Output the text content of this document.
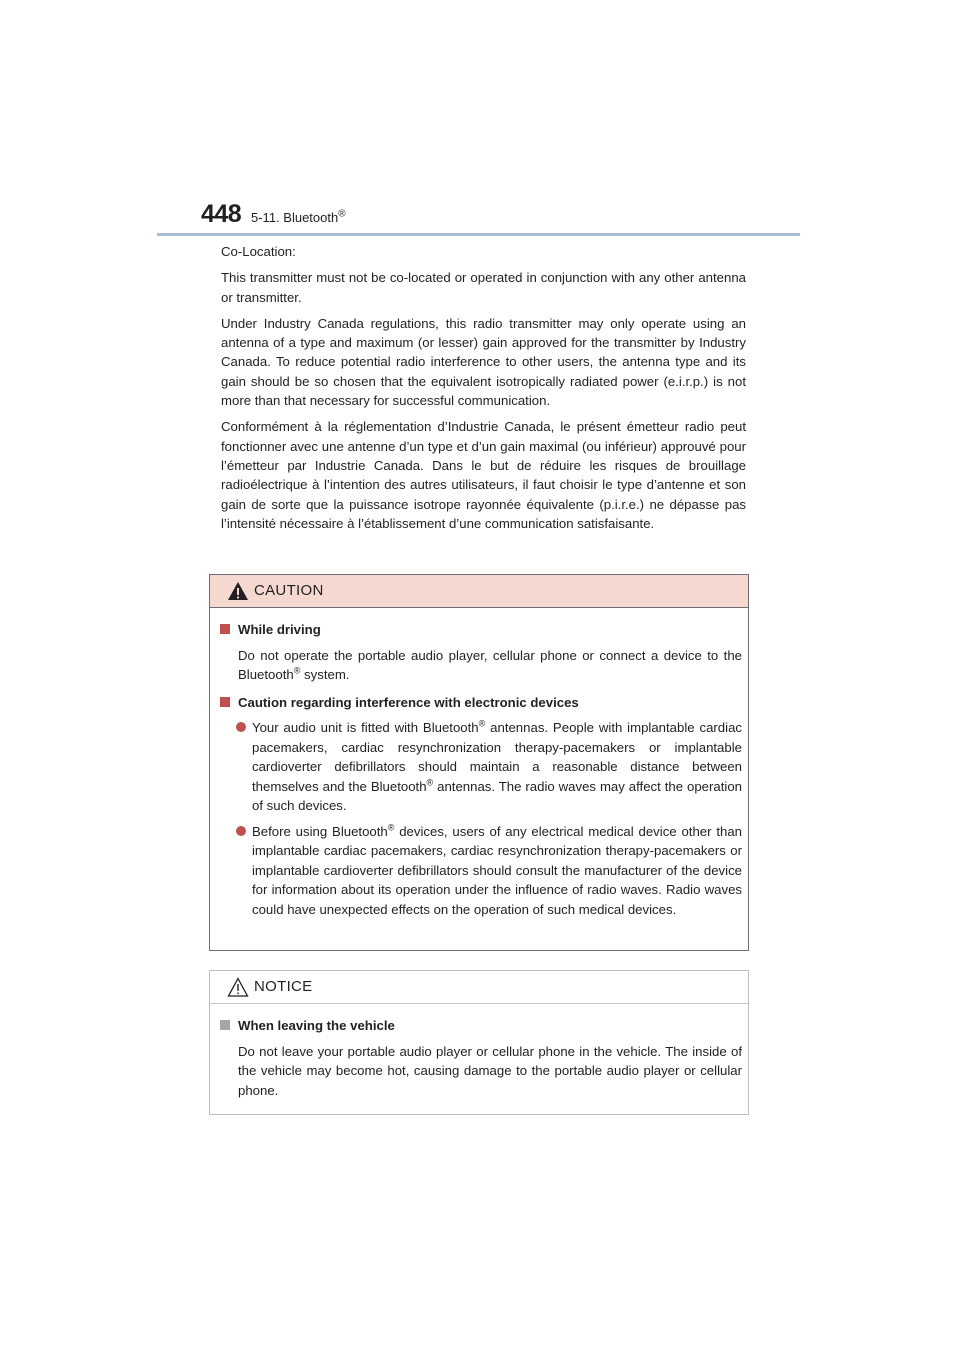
448 5-11. Bluetooth®

Co-Location:

This transmitter must not be co-located or operated in conjunction with any other antenna or transmitter.

Under Industry Canada regulations, this radio transmitter may only operate using an antenna of a type and maximum (or lesser) gain approved for the transmitter by Industry Canada. To reduce potential radio interference to other users, the antenna type and its gain should be so chosen that the equivalent isotropically radiated power (e.i.r.p.) is not more than that necessary for successful communication.

Conformément à la réglementation d’Industrie Canada, le présent émetteur radio peut fonctionner avec une antenne d’un type et d’un gain maximal (ou inférieur) approuvé pour l’émetteur par Industrie Canada. Dans le but de réduire les risques de brouillage radioélectrique à l’intention des autres utilisateurs, il faut choisir le type d’antenne et son gain de sorte que la puissance isotrope rayonnée équivalente (p.i.r.e.) ne dépasse pas l’intensité nécessaire à l’établissement d’une communication satisfaisante.

CAUTION
While driving
Do not operate the portable audio player, cellular phone or connect a device to the Bluetooth® system.
Caution regarding interference with electronic devices
Your audio unit is fitted with Bluetooth® antennas. People with implantable cardiac pacemakers, cardiac resynchronization therapy-pacemakers or implantable cardioverter defibrillators should maintain a reasonable distance between themselves and the Bluetooth® antennas. The radio waves may affect the operation of such devices.
Before using Bluetooth® devices, users of any electrical medical device other than implantable cardiac pacemakers, cardiac resynchronization therapy-pacemakers or implantable cardioverter defibrillators should consult the manufacturer of the device for information about its operation under the influence of radio waves. Radio waves could have unexpected effects on the operation of such medical devices.
NOTICE
When leaving the vehicle
Do not leave your portable audio player or cellular phone in the vehicle. The inside of the vehicle may become hot, causing damage to the portable audio player or cellular phone.
